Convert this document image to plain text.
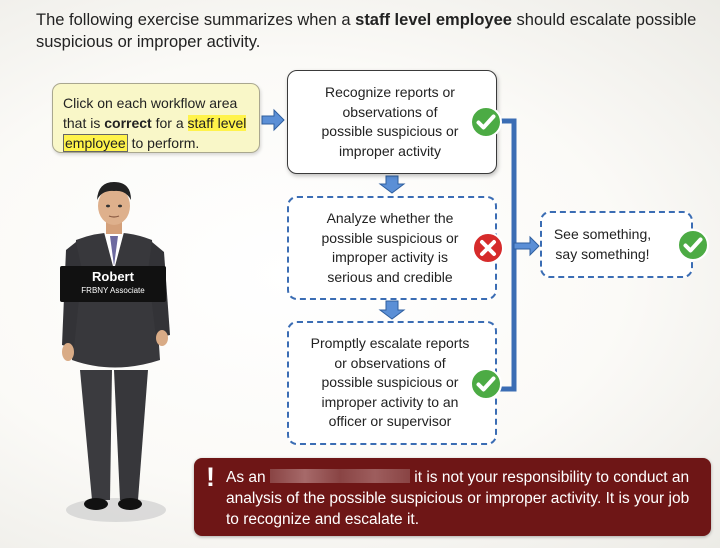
The following exercise summarizes when a staff level employee should escalate possible suspicious or improper activity.
Click on each workflow area that is correct for a staff level employee to perform.
Recognize reports or observations of possible suspicious or improper activity
Analyze whether the possible suspicious or improper activity is serious and credible
Promptly escalate reports or observations of possible suspicious or improper activity to an officer or supervisor
See something, say something!
Robert
FRBNY Associate
! As an	it is not your responsibility to conduct an analysis of the possible suspicious or improper activity. It is your job to recognize and escalate it.
